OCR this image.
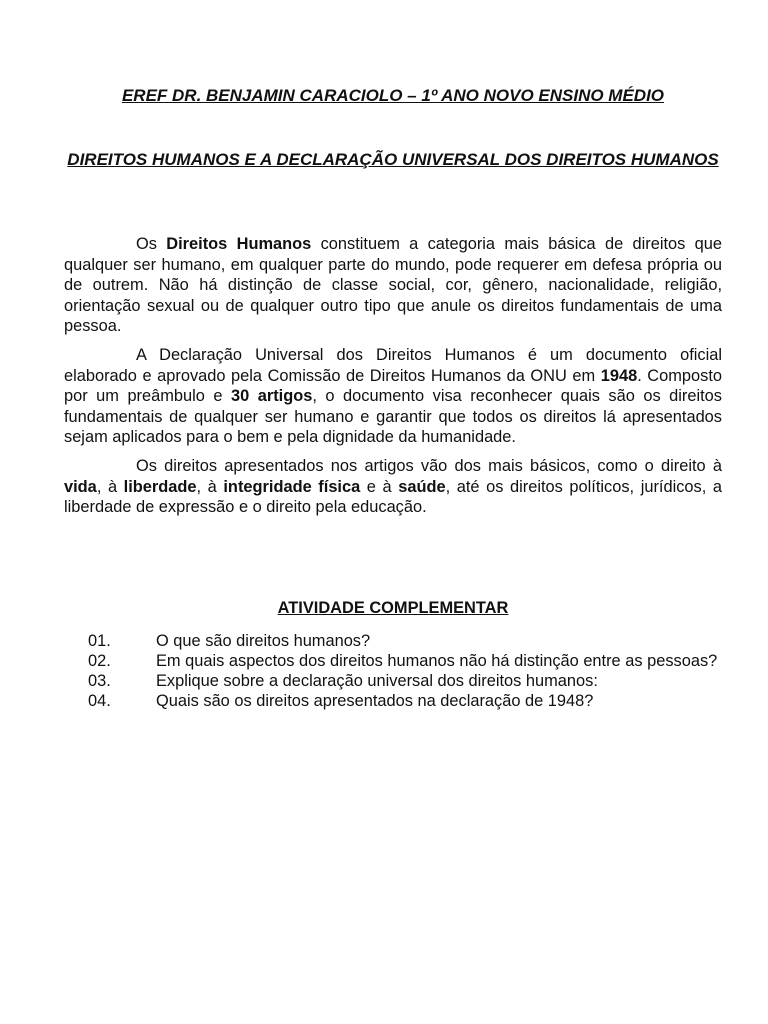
EREF DR. BENJAMIN CARACIOLO – 1º ANO NOVO ENSINO MÉDIO
DIREITOS HUMANOS E A DECLARAÇÃO UNIVERSAL DOS DIREITOS HUMANOS

Os Direitos Humanos constituem a categoria mais básica de direitos que qualquer ser humano, em qualquer parte do mundo, pode requerer em defesa própria ou de outrem. Não há distinção de classe social, cor, gênero, nacionalidade, religião, orientação sexual ou de qualquer outro tipo que anule os direitos fundamentais de uma pessoa.

A Declaração Universal dos Direitos Humanos é um documento oficial elaborado e aprovado pela Comissão de Direitos Humanos da ONU em 1948. Composto por um preâmbulo e 30 artigos, o documento visa reconhecer quais são os direitos fundamentais de qualquer ser humano e garantir que todos os direitos lá apresentados sejam aplicados para o bem e pela dignidade da humanidade.

Os direitos apresentados nos artigos vão dos mais básicos, como o direito à vida, à liberdade, à integridade física e à saúde, até os direitos políticos, jurídicos, a liberdade de expressão e o direito pela educação.

ATIVIDADE COMPLEMENTAR
01.	O que são direitos humanos?
02.	Em quais aspectos dos direitos humanos não há distinção entre as pessoas?
03.	Explique sobre a declaração universal dos direitos humanos:
04.	Quais são os direitos apresentados na declaração de 1948?
